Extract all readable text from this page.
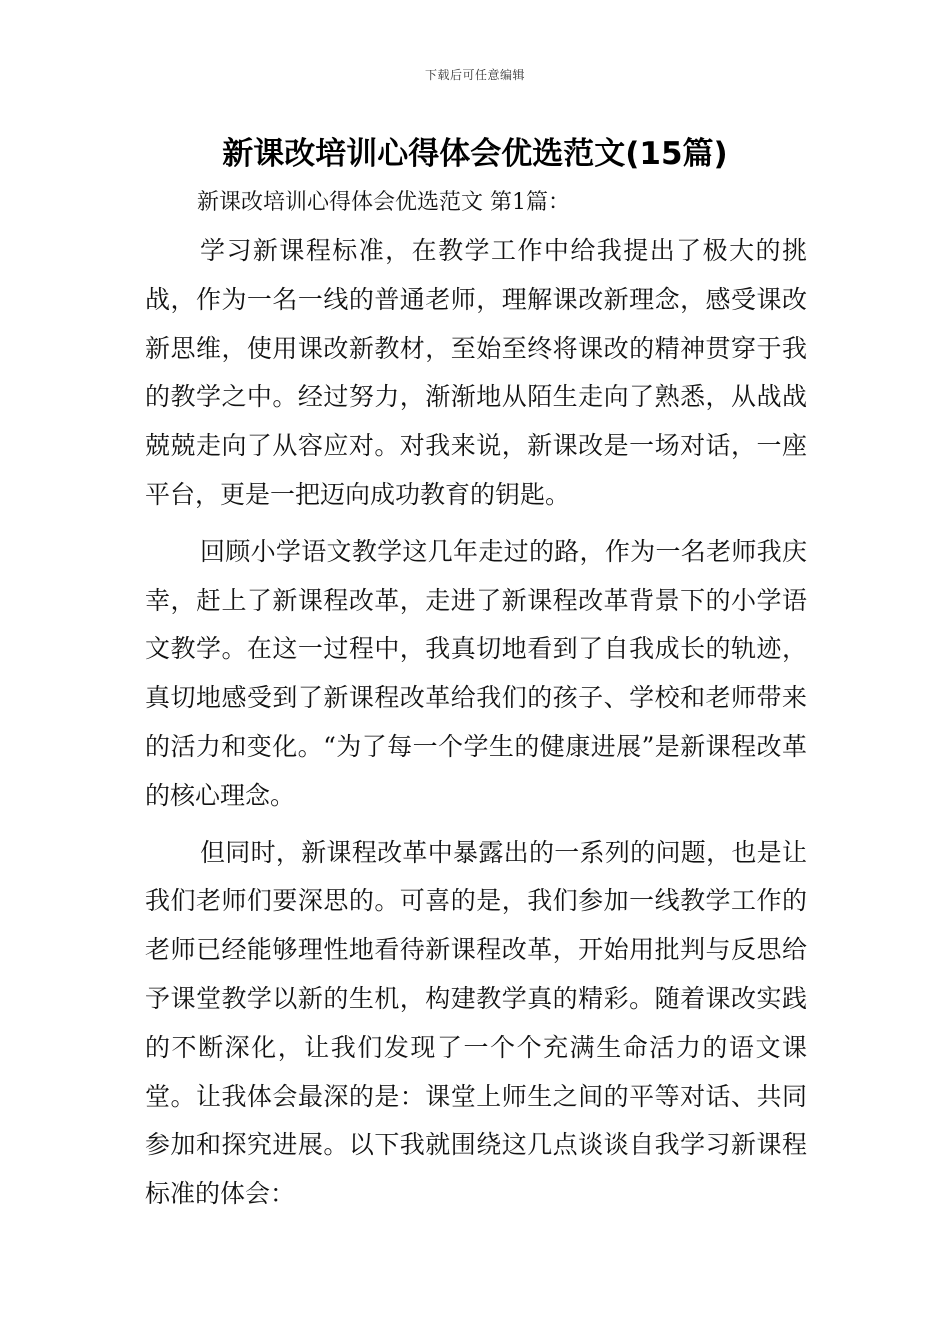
下载后可任意编辑
新课改培训心得体会优选范文(15篇)
新课改培训心得体会优选范文 第1篇：

学习新课程标准，在教学工作中给我提出了极大的挑战，作为一名一线的普通老师，理解课改新理念，感受课改新思维，使用课改新教材，至始至终将课改的精神贯穿于我的教学之中。经过努力，渐渐地从陌生走向了熟悉，从战战兢兢走向了从容应对。对我来说，新课改是一场对话，一座平台，更是一把迈向成功教育的钥匙。

回顾小学语文教学这几年走过的路，作为一名老师我庆幸，赶上了新课程改革，走进了新课程改革背景下的小学语文教学。在这一过程中，我真切地看到了自我成长的轨迹，真切地感受到了新课程改革给我们的孩子、学校和老师带来的活力和变化。“为了每一个学生的健康进展”是新课程改革的核心理念。

但同时，新课程改革中暴露出的一系列的问题，也是让我们老师们要深思的。可喜的是，我们参加一线教学工作的老师已经能够理性地看待新课程改革，开始用批判与反思给予课堂教学以新的生机，构建教学真的精彩。随着课改实践的不断深化，让我们发现了一个个充满生命活力的语文课堂。让我体会最深的是：课堂上师生之间的平等对话、共同参加和探究进展。以下我就围绕这几点谈谈自我学习新课程标准的体会：
